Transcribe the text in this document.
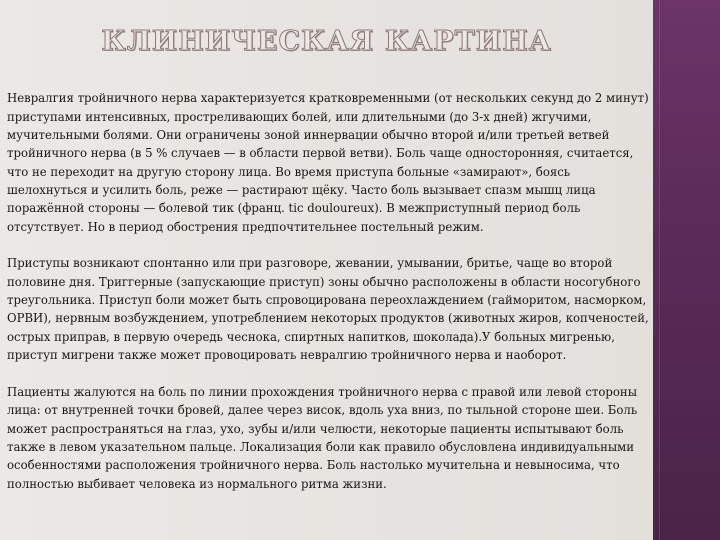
КЛИНИЧЕСКАЯ КАРТИНА

Невралгия тройничного нерва характеризуется кратковременными (от нескольких секунд до 2 минут) приступами интенсивных, простреливающих болей, или длительными (до 3-х дней) жгучими, мучительными болями. Они ограничены зоной иннервации обычно второй и/или третьей ветвей тройничного нерва (в 5 % случаев — в области первой ветви). Боль чаще односторонняя, считается, что не переходит на другую сторону лица. Во время приступа больные «замирают», боясь шелохнуться и усилить боль, реже — растирают щёку. Часто боль вызывает спазм мышц лица поражённой стороны — болевой тик (франц. tic douloureux). В межприступный период боль отсутствует. Но в период обострения предпочтительнее постельный режим.

Приступы возникают спонтанно или при разговоре, жевании, умывании, бритье, чаще во второй половине дня. Триггерные (запускающие приступ) зоны обычно расположены в области носогубного треугольника. Приступ боли может быть спровоцирована переохлаждением (гайморитом, насморком, ОРВИ), нервным возбуждением, употреблением некоторых продуктов (животных жиров, копченостей, острых приправ, в первую очередь чеснока, спиртных напитков, шоколада).У больных мигренью, приступ мигрени также может провоцировать невралгию тройничного нерва и наоборот.

Пациенты жалуются на боль по линии прохождения тройничного нерва с правой или левой стороны лица: от внутренней точки бровей, далее через висок, вдоль уха вниз, по тыльной стороне шеи. Боль может распространяться на глаз, ухо, зубы и/или челюсти, некоторые пациенты испытывают боль также в левом указательном пальце. Локализация боли как правило обусловлена индивидуальными особенностями расположения тройничного нерва. Боль настолько мучительна и невыносима, что полностью выбивает человека из нормального ритма жизни.
